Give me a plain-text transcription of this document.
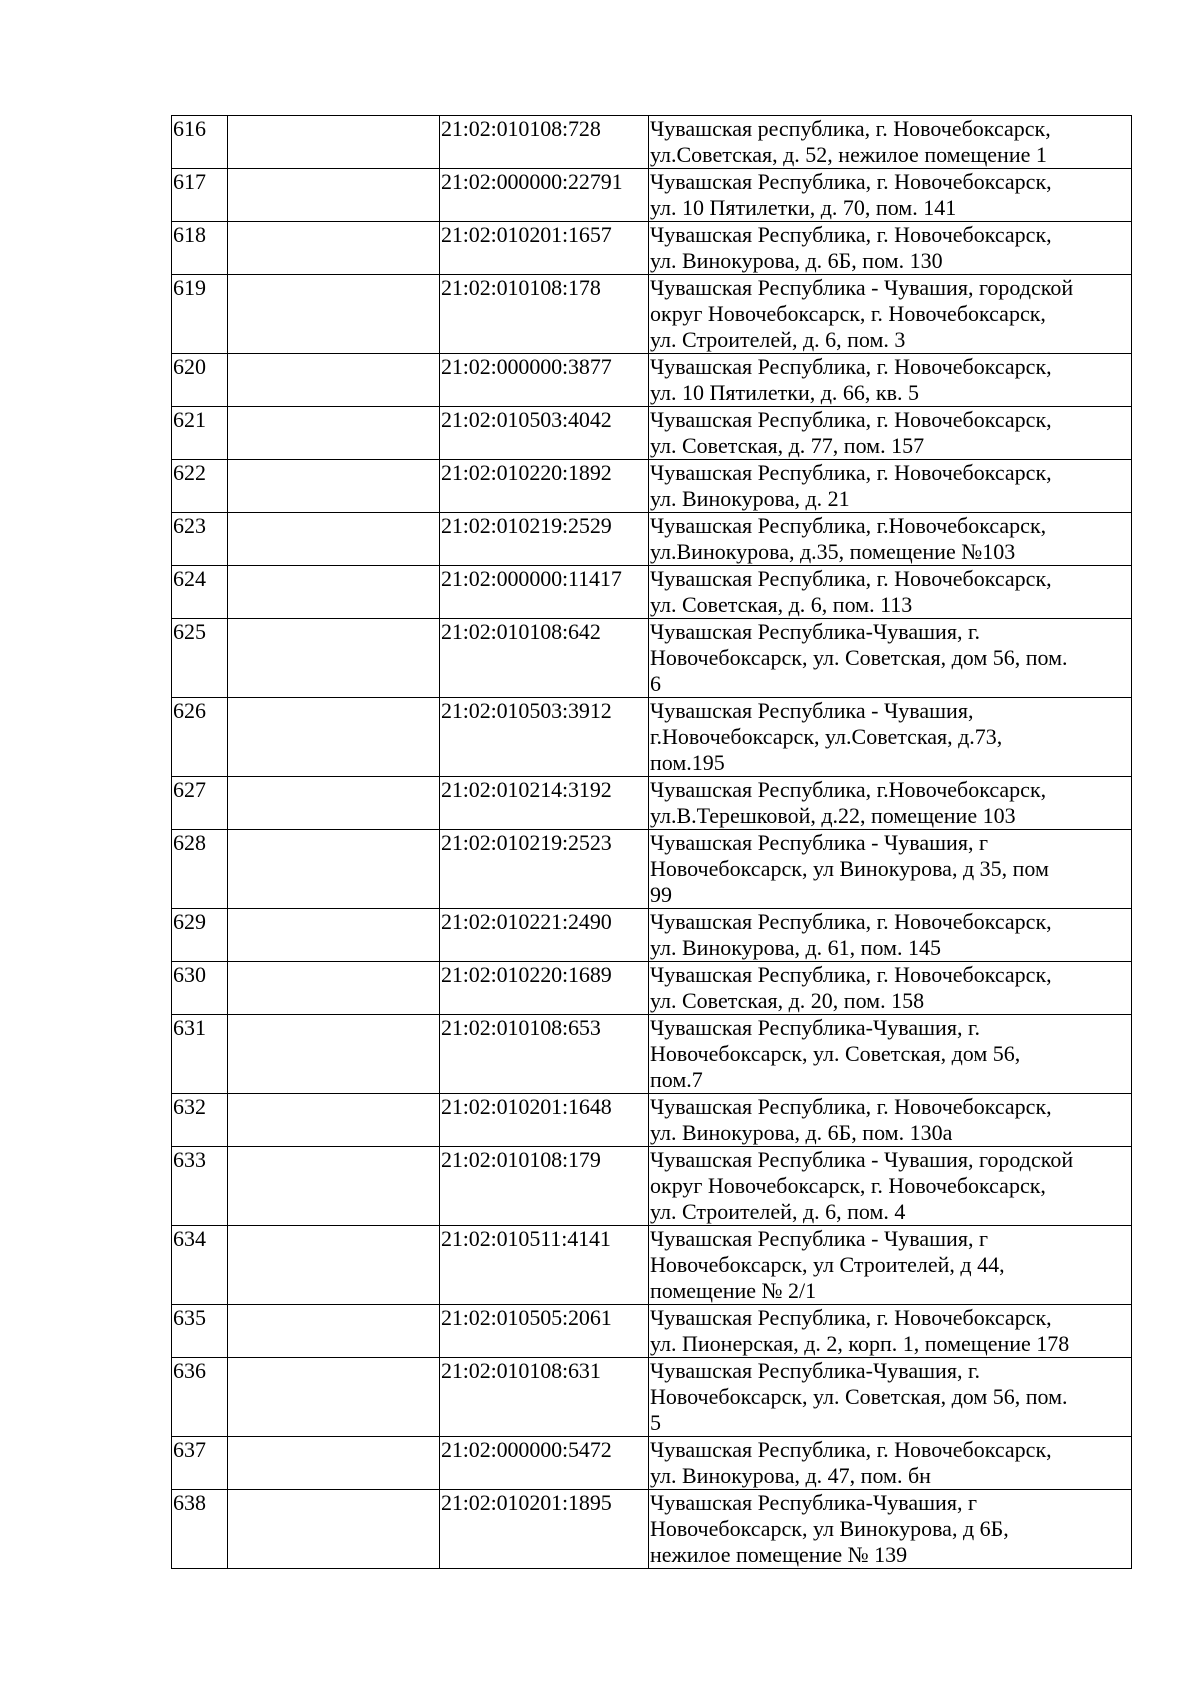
616		21:02:010108:728	Чувашская республика, г. Новочебоксарск,
ул.Советская, д. 52, нежилое помещение 1

617		21:02:000000:22791	Чувашская Республика, г. Новочебоксарск,
ул. 10 Пятилетки, д. 70, пом. 141

618		21:02:010201:1657	Чувашская Республика, г. Новочебоксарск,
ул. Винокурова, д. 6Б, пом. 130

619		21:02:010108:178	Чувашская Республика - Чувашия, городской
округ Новочебоксарск, г. Новочебоксарск,
ул. Строителей, д. 6, пом. 3

620		21:02:000000:3877	Чувашская Республика, г. Новочебоксарск,
ул. 10 Пятилетки, д. 66, кв. 5

621		21:02:010503:4042	Чувашская Республика, г. Новочебоксарск,
ул. Советская, д. 77, пом. 157

622		21:02:010220:1892	Чувашская Республика, г. Новочебоксарск,
ул. Винокурова, д. 21

623		21:02:010219:2529	Чувашская Республика, г.Новочебоксарск,
ул.Винокурова, д.35, помещение №103

624		21:02:000000:11417	Чувашская Республика, г. Новочебоксарск,
ул. Советская, д. 6, пом. 113

625		21:02:010108:642	Чувашская Республика-Чувашия, г.
Новочебоксарск, ул. Советская, дом 56, пом.
6

626		21:02:010503:3912	Чувашская Республика - Чувашия,
г.Новочебоксарск, ул.Советская, д.73,
пом.195

627		21:02:010214:3192	Чувашская Республика, г.Новочебоксарск,
ул.В.Терешковой, д.22, помещение 103

628		21:02:010219:2523	Чувашская Республика - Чувашия, г
Новочебоксарск, ул Винокурова, д 35, пом
99

629		21:02:010221:2490	Чувашская Республика, г. Новочебоксарск,
ул. Винокурова, д. 61, пом. 145

630		21:02:010220:1689	Чувашская Республика, г. Новочебоксарск,
ул. Советская, д. 20, пом. 158

631		21:02:010108:653	Чувашская Республика-Чувашия, г.
Новочебоксарск, ул. Советская, дом 56,
пом.7

632		21:02:010201:1648	Чувашская Республика, г. Новочебоксарск,
ул. Винокурова, д. 6Б, пом. 130а

633		21:02:010108:179	Чувашская Республика - Чувашия, городской
округ Новочебоксарск, г. Новочебоксарск,
ул. Строителей, д. 6, пом. 4

634		21:02:010511:4141	Чувашская Республика - Чувашия, г
Новочебоксарск, ул Строителей, д 44,
помещение № 2/1

635		21:02:010505:2061	Чувашская Республика, г. Новочебоксарск,
ул. Пионерская, д. 2, корп. 1, помещение 178

636		21:02:010108:631	Чувашская Республика-Чувашия, г.
Новочебоксарск, ул. Советская, дом 56, пом.
5

637		21:02:000000:5472	Чувашская Республика, г. Новочебоксарск,
ул. Винокурова, д. 47, пом. бн

638		21:02:010201:1895	Чувашская Республика-Чувашия, г
Новочебоксарск, ул Винокурова, д 6Б,
нежилое помещение № 139
